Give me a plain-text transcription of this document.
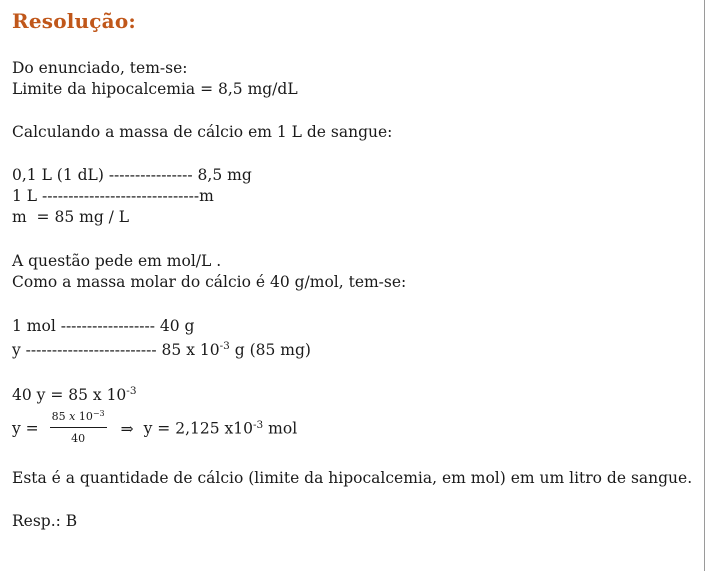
Resolução:
Do enunciado, tem-se:
Limite da hipocalcemia = 8,5 mg/dL
Calculando a massa de cálcio em 1 L de sangue:
0,1 L (1 dL) ---------------- 8,5 mg
1 L ------------------------------m
m  = 85 mg / L
A questão pede em mol/L .
Como a massa molar do cálcio é 40 g/mol, tem-se:
1 mol ------------------ 40 g
y ------------------------- 85 x $10^{-3}$ g (85 mg)
40 y = 85 x $10^{-3}$
$y = \frac{85 x 10^{-3}}{40}$ ⇒ y = 2,125 $x10^{-3}$ mol
Esta é a quantidade de cálcio (limite da hipocalcemia, em mol) em um litro de sangue.
Resp.: B
